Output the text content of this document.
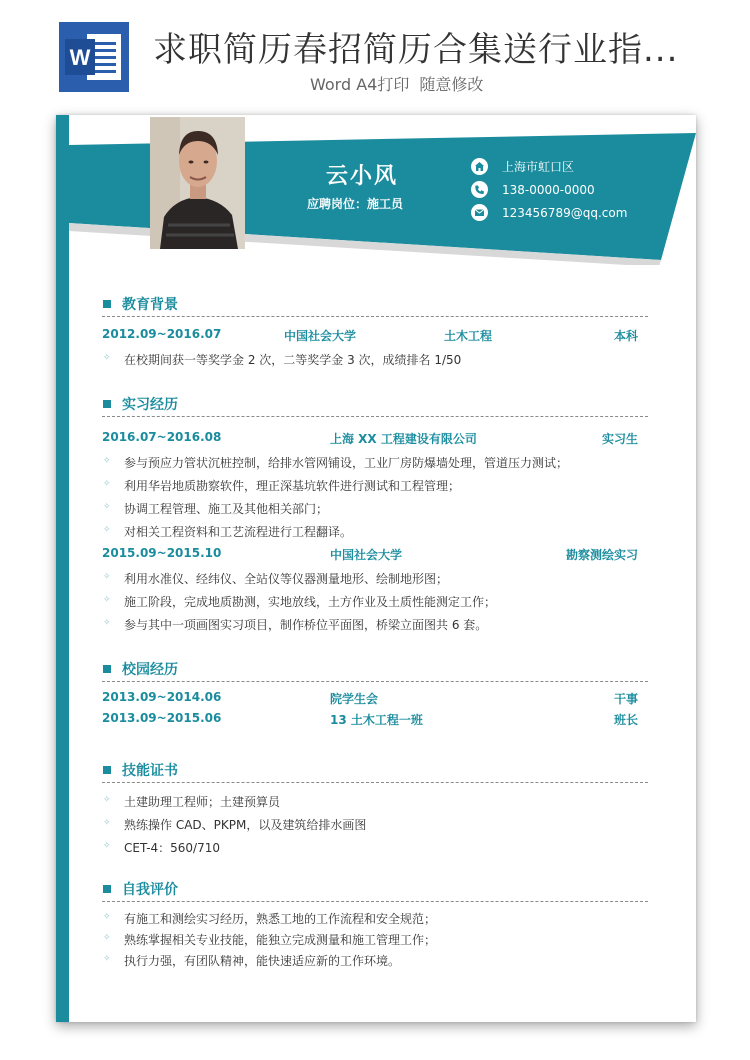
W 求职简历春招简历合集送行业指...
Word A4打印 随意修改
云小风
应聘岗位：施工员
上海市虹口区
138-0000-0000
123456789@qq.com
教育背景
2012.09~2016.07	中国社会大学	土木工程	本科
✧ 在校期间获一等奖学金 2 次，二等奖学金 3 次，成绩排名 1/50
实习经历
2016.07~2016.08	上海 XX 工程建设有限公司	实习生
✧ 参与预应力管状沉桩控制，给排水管网铺设，工业厂房防爆墙处理，管道压力测试；
✧ 利用华岩地质勘察软件，理正深基坑软件进行测试和工程管理；
✧ 协调工程管理、施工及其他相关部门；
✧ 对相关工程资料和工艺流程进行工程翻译。
2015.09~2015.10	中国社会大学	勘察测绘实习
✧ 利用水准仪、经纬仪、全站仪等仪器测量地形、绘制地形图；
✧ 施工阶段，完成地质勘测，实地放线，土方作业及土质性能测定工作；
✧ 参与其中一项画图实习项目，制作桥位平面图，桥梁立面图共 6 套。
校园经历
2013.09~2014.06	院学生会	干事
2013.09~2015.06	13 土木工程一班	班长
技能证书
✧ 土建助理工程师；土建预算员
✧ 熟练操作 CAD、PKPM，以及建筑给排水画图
✧ CET-4：560/710
自我评价
✧ 有施工和测绘实习经历，熟悉工地的工作流程和安全规范；
✧ 熟练掌握相关专业技能，能独立完成测量和施工管理工作；
✧ 执行力强，有团队精神，能快速适应新的工作环境。
